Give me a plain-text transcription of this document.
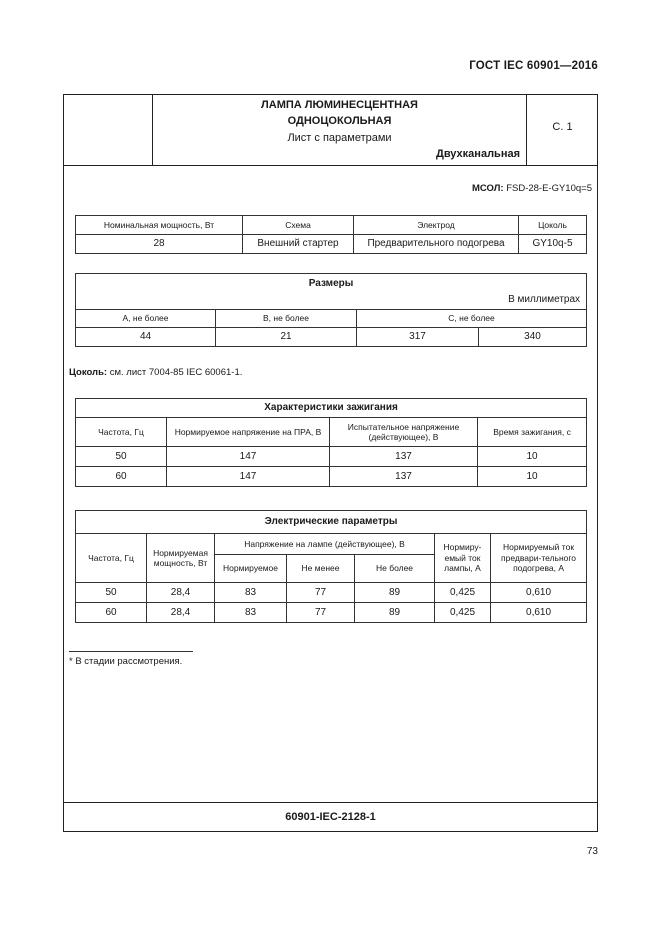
ГОСТ IEC 60901—2016
ЛАМПА ЛЮМИНЕСЦЕНТНАЯ
ОДНОЦОКОЛЬНАЯ
Лист с параметрами
Двухканальная
С. 1
МСОЛ: FSD-28-E-GY10q=5
Номинальная мощность, Вт	Схема	Электрод	Цоколь
28	Внешний стартер	Предварительного подогрева	GY10q-5
Размеры
В миллиметрах			

А, не более	В, не более	С, не более	
44	21	317	340
Цоколь: см. лист 7004-85 IEC 60061-1.
Характеристики зажигания			
Частота, Гц	Нормируемое напряжение на ПРА, В	Испытательное напряжение (действующее), В	Время зажигания, с
50	147	137	10
60	147	137	10
Электрические параметры						
Частота, Гц	Нормируемая мощность, Вт	Напряжение на лампе (действующее), В			Нормиру-емый ток лампы, А	Нормируемый ток предвари-тельного подогрева, А
		Нормируемое	Не менее	Не более		
50	28,4	83	77	89	0,425	0,610
60	28,4	83	77	89	0,425	0,610
* В стадии рассмотрения.
60901-IEC-2128-1
73
